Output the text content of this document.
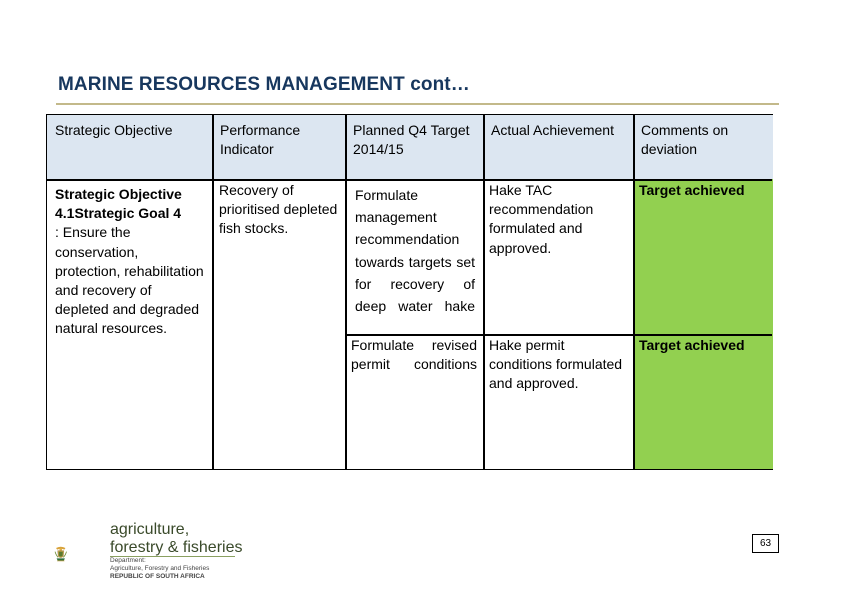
MARINE RESOURCES MANAGEMENT cont…
Strategic Objective	Performance Indicator
Planned Q4 Target 2014/15
Actual Achievement	Comments on deviation
Strategic Objective
4.1Strategic Goal 4
: Ensure the conservation, protection, rehabilitation and recovery of depleted and degraded natural resources.
Recovery of prioritised depleted fish stocks.
Formulate management recommendation towards targets set for recovery of deep water hake
Hake TAC recommendation formulated and approved.
Target achieved
Formulate revised permit conditions
Hake permit conditions formulated and approved.
Target achieved
agriculture,
forestry & fisheries
Department:
Agriculture, Forestry and Fisheries
REPUBLIC OF SOUTH AFRICA
63
